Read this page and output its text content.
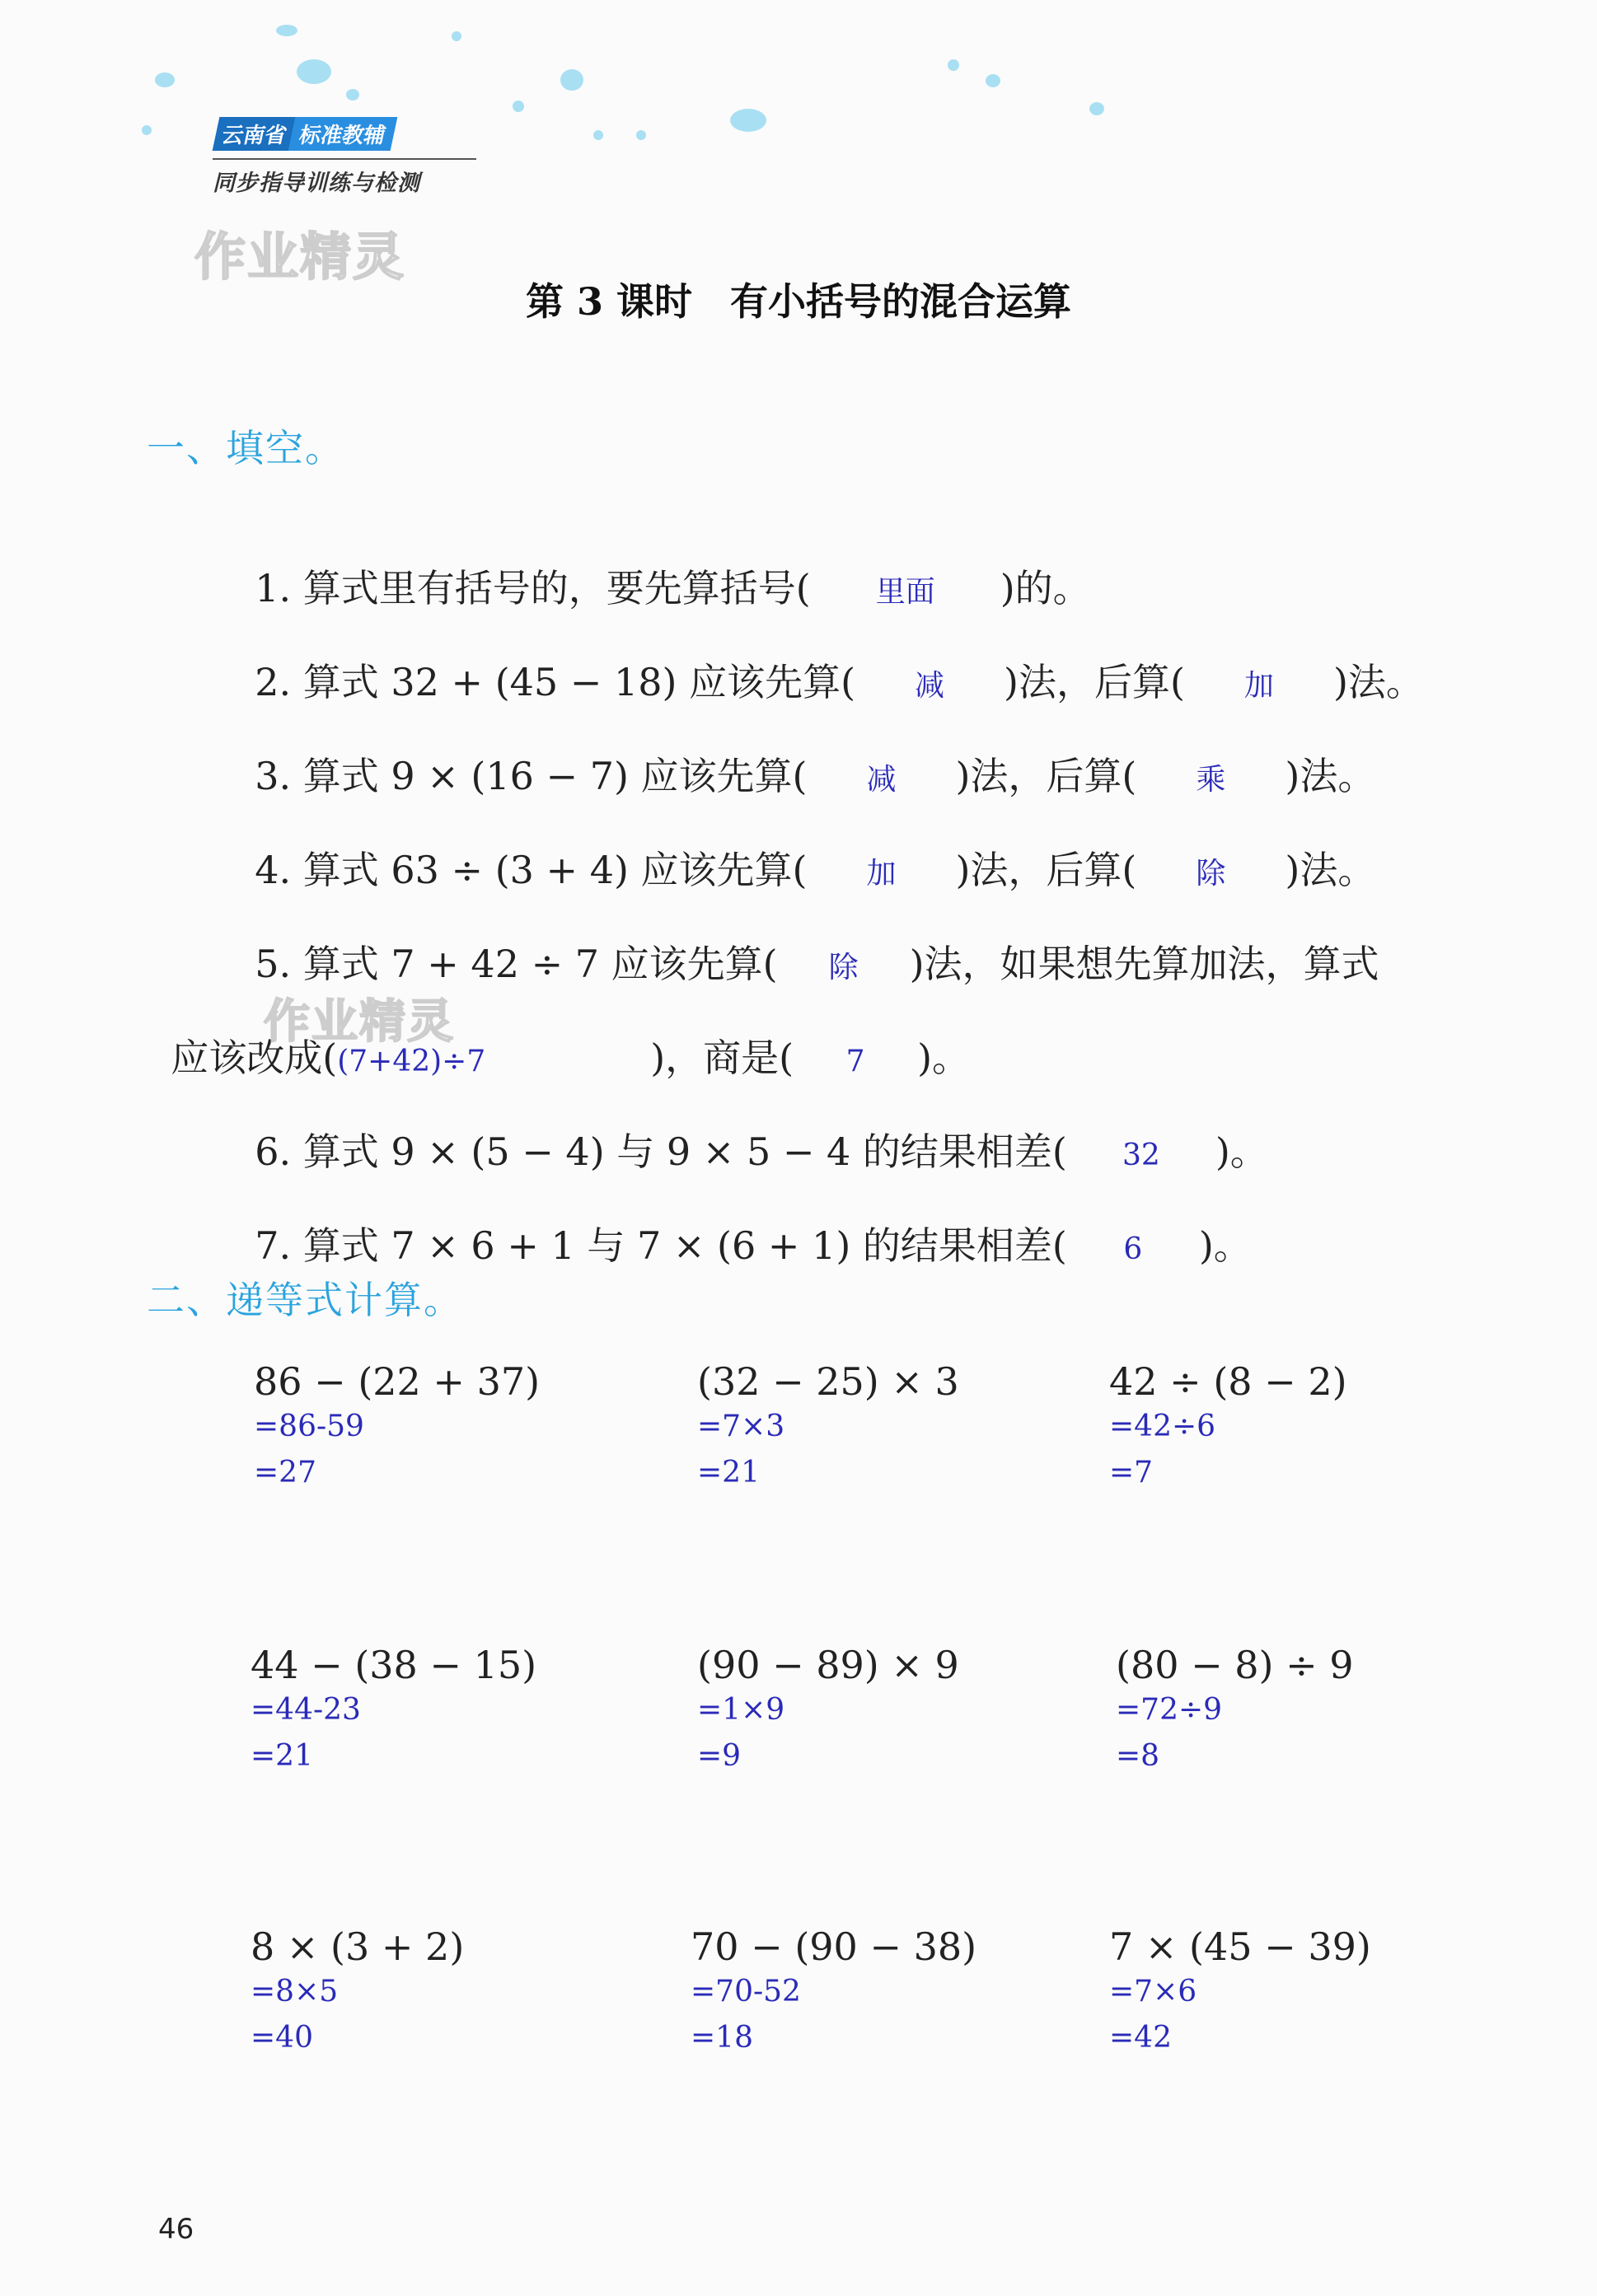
云南省 标准教辅
同步指导训练与检测
作业精灵
第 3 课时　有小括号的混合运算
一、填空。

1. 算式里有括号的，要先算括号( 里面 )的。

2. 算式 32 + (45 − 18) 应该先算( 减 )法，后算( 加 )法。

3. 算式 9 × (16 − 7) 应该先算( 减 )法，后算( 乘 )法。

4. 算式 63 ÷ (3 + 4) 应该先算( 加 )法，后算( 除 )法。

5. 算式 7 + 42 ÷ 7 应该先算( 除 )法，如果想先算加法，算式

应该改成((7+42)÷7	)，商是( 7 )。

作业精灵

6. 算式 9 × (5 − 4) 与 9 × 5 − 4 的结果相差( 32 )。

7. 算式 7 × 6 + 1 与 7 × (6 + 1) 的结果相差( 6 )。

二、递等式计算。
86 − (22 + 37)
=86-59
=27
(32 − 25) × 3
=7×3
=21
42 ÷ (8 − 2)
=42÷6
=7
44 − (38 − 15)
=44-23
=21
(90 − 89) × 9
=1×9
=9
(80 − 8) ÷ 9
=72÷9
=8
8 × (3 + 2)
=8×5
=40
70 − (90 − 38)
=70-52
=18
7 × (45 − 39)
=7×6
=42
46
